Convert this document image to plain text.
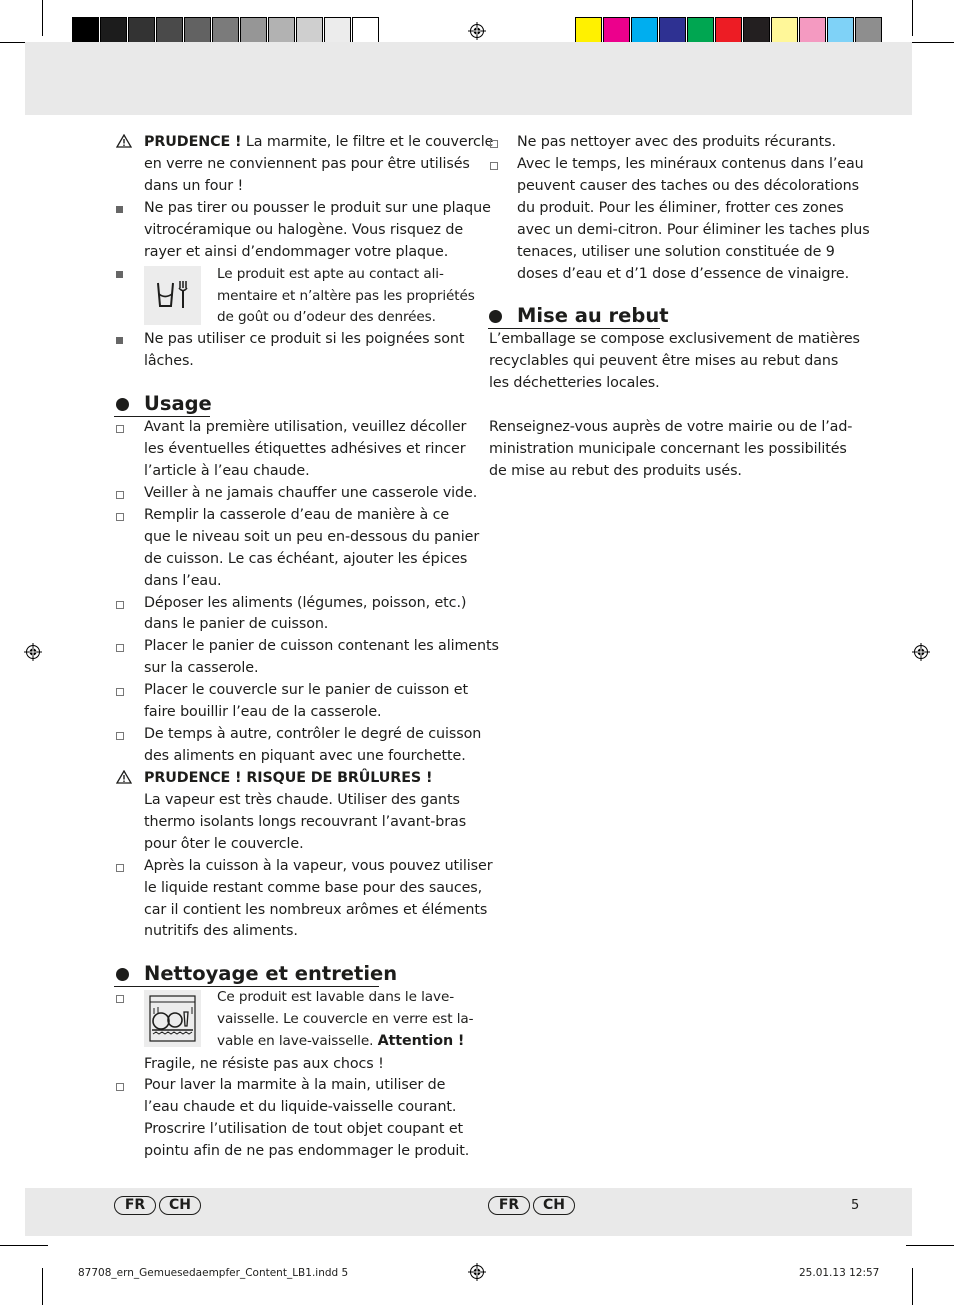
PRUDENCE ! La marmite, le filtre et le couvercle
en verre ne conviennent pas pour être utilisés
dans un four !
Ne pas tirer ou pousser le produit sur une plaque
vitrocéramique ou halogène. Vous risquez de
rayer et ainsi d’endommager votre plaque.
Le produit est apte au contact ali-
mentaire et n’altère pas les propriétés
de goût ou d’odeur des denrées.
Ne pas utiliser ce produit si les poignées sont
lâches.
Usage
Avant la première utilisation, veuillez décoller
les éventuelles étiquettes adhésives et rincer
l’article à l’eau chaude.
Veiller à ne jamais chauffer une casserole vide.
Remplir la casserole d’eau de manière à ce
que le niveau soit un peu en-dessous du panier
de cuisson. Le cas échéant, ajouter les épices
dans l’eau.
Déposer les aliments (légumes, poisson, etc.)
dans le panier de cuisson.
Placer le panier de cuisson contenant les aliments
sur la casserole.
Placer le couvercle sur le panier de cuisson et
faire bouillir l’eau de la casserole.
De temps à autre, contrôler le degré de cuisson
des aliments en piquant avec une fourchette.
PRUDENCE ! RISQUE DE BRÛLURES !
La vapeur est très chaude. Utiliser des gants
thermo isolants longs recouvrant l’avant-bras
pour ôter le couvercle.
Après la cuisson à la vapeur, vous pouvez utiliser
le liquide restant comme base pour des sauces,
car il contient les nombreux arômes et éléments
nutritifs des aliments.
Nettoyage et entretien
Ce produit est lavable dans le lave-
vaisselle. Le couvercle en verre est la-
vable en lave-vaisselle. Attention !
Fragile, ne résiste pas aux chocs !
Pour laver la marmite à la main, utiliser de
l’eau chaude et du liquide-vaisselle courant.
Proscrire l’utilisation de tout objet coupant et
pointu afin de ne pas endommager le produit.
Ne pas nettoyer avec des produits récurants.
Avec le temps, les minéraux contenus dans l’eau
peuvent causer des taches ou des décolorations
du produit. Pour les éliminer, frotter ces zones
avec un demi-citron. Pour éliminer les taches plus
tenaces, utiliser une solution constituée de 9
doses d’eau et d’1 dose d’essence de vinaigre.
Mise au rebut
L’emballage se compose exclusivement de matières
recyclables qui peuvent être mises au rebut dans
les déchetteries locales.
Renseignez-vous auprès de votre mairie ou de l’ad-
ministration municipale concernant les possibilités
de mise au rebut des produits usés.
FR	CH	FR	CH	5
87708_ern_Gemuesedaempfer_Content_LB1.indd 5	25.01.13 12:57
